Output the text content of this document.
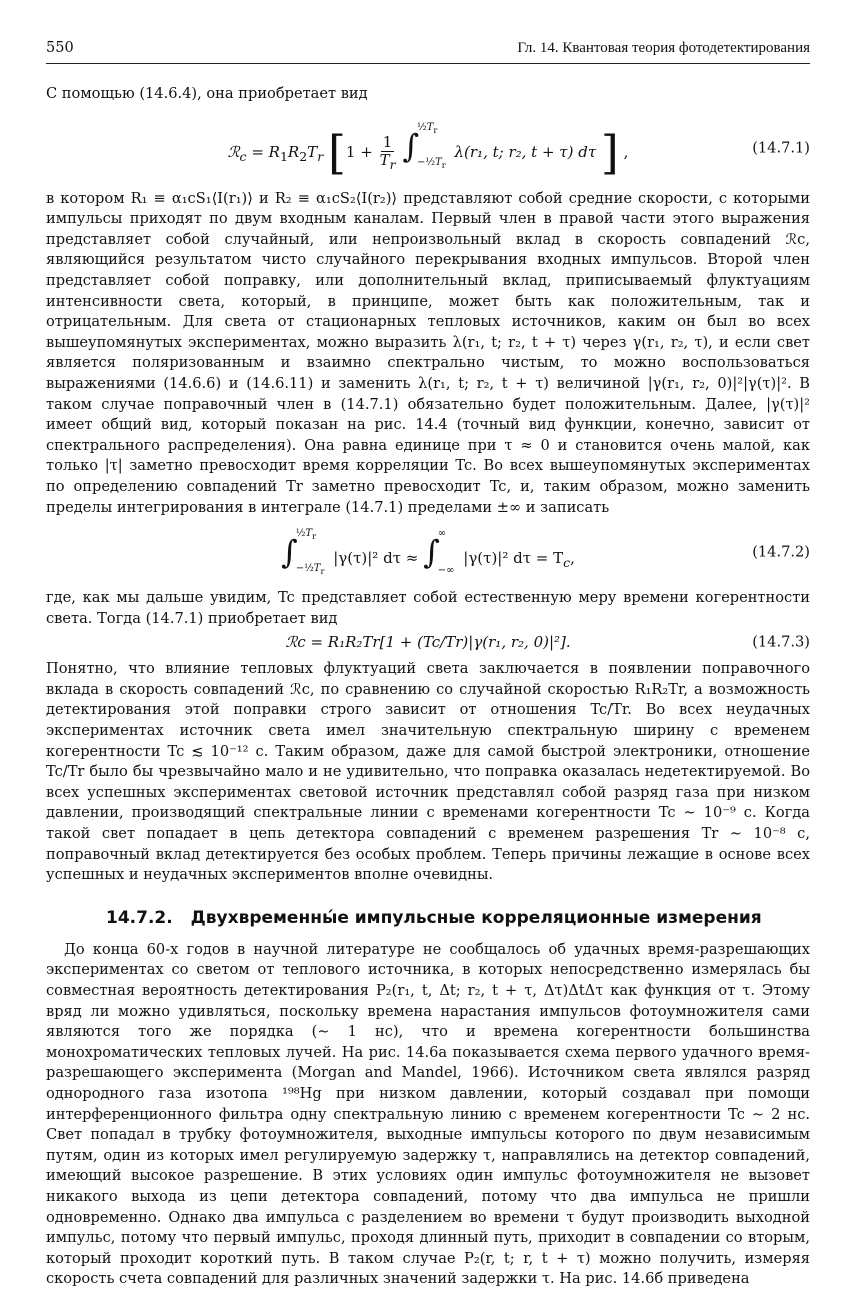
550	Гл. 14. Квантовая теория фотодетектирования

С помощью (14.6.4), она приобретает вид

ℛ$_c$ = $R_1R_2T_r$ [$1 + \frac{1}{T_r}$
∫
$\frac{1}{2}T_r$
$-\frac{1}{2}T_r$
λ(r₁, t; r₂, t + τ) dτ ] ,	(14.7.1)

в котором R₁ ≡ α₁cS₁⟨I(r₁)⟩ и R₂ ≡ α₁cS₂⟨I(r₂)⟩ представляют собой средние скорости, с которыми импульсы приходят по двум входным каналам. Первый член в правой части этого выражения представляет собой случайный, или непроизвольный вклад в скорость совпадений ℛc, являющийся результатом чисто случайного перекрывания входных импульсов. Второй член представляет собой поправку, или дополнительный вклад, приписываемый флуктуациям интенсивности света, который, в принципе, может быть как положительным, так и отрицательным. Для света от стационарных тепловых источников, каким он был во всех вышеупомянутых экспериментах, можно выразить λ(r₁, t; r₂, t + τ) через γ(r₁, r₂, τ), и если свет является поляризованным и взаимно спектрально чистым, то можно воспользоваться выражениями (14.6.6) и (14.6.11) и заменить λ(r₁, t; r₂, t + τ) величиной |γ(r₁, r₂, 0)|²|γ(τ)|². В таком случае поправочный член в (14.7.1) обязательно будет положительным. Далее, |γ(τ)|² имеет общий вид, который показан на рис. 14.4 (точный вид функции, конечно, зависит от спектрального распределения). Она равна единице при τ ≈ 0 и становится очень малой, как только |τ| заметно превосходит время корреляции Tc. Во всех вышеупомянутых экспериментах по определению совпадений Tr заметно превосходит Tc, и, таким образом, можно заменить пределы интегрирования в интеграле (14.7.1) пределами ±∞ и записать

∫
$\frac{1}{2}T_r$
$-\frac{1}{2}T_r$
|γ(τ)|² dτ ≈ ∫
∞
−∞
|γ(τ)|² $d\tau = T_c$,	(14.7.2)

где, как мы дальше увидим, Tc представляет собой естественную меру времени когерентности света. Тогда (14.7.1) приобретает вид

ℛc = R₁R₂Tr[1 + (Tc/Tr)|γ(r₁, r₂, 0)|²].	(14.7.3)

Понятно, что влияние тепловых флуктуаций света заключается в появлении поправочного вклада в скорость совпадений ℛc, по сравнению со случайной скоростью R₁R₂Tr, а возможность детектирования этой поправки строго зависит от отношения Tc/Tr. Во всех неудачных экспериментах источник света имел значительную спектральную ширину с временем когерентности Tc ≲ 10⁻¹² с. Таким образом, даже для самой быстрой электроники, отношение Tc/Tr было бы чрезвычайно мало и не удивительно, что поправка оказалась недетектируемой. Во всех успешных экспериментах световой источник представлял собой разряд газа при низком давлении, производящий спектральные линии с временами когерентности Tc ∼ 10⁻⁹ с. Когда такой свет попадает в цепь детектора совпадений с временем разрешения Tr ∼ 10⁻⁸ с, поправочный вклад детектируется без особых проблем. Теперь причины лежащие в основе всех успешных и неудачных экспериментов вполне очевидны.

14.7.2. Двухвременны́е импульсные корреляционные измерения

До конца 60-х годов в научной литературе не сообщалось об удачных время-разрешающих экспериментах со светом от теплового источника, в которых непосредственно измерялась бы совместная вероятность детектирования P₂(r₁, t, Δt; r₂, t + τ, Δτ)ΔtΔτ как функция от τ. Этому вряд ли можно удивляться, поскольку времена нарастания импульсов фотоумножителя сами являются того же порядка (∼ 1 нс), что и времена когерентности большинства монохроматических тепловых лучей. На рис. 14.6а показывается схема первого удачного время-разрешающего эксперимента (Morgan and Mandel, 1966). Источником света являлся разряд однородного газа изотопа ¹⁹⁸Hg при низком давлении, который создавал при помощи интерференционного фильтра одну спектральную линию с временем когерентности Tc ∼ 2 нс. Свет попадал в трубку фотоумножителя, выходные импульсы которого по двум независимым путям, один из которых имел регулируемую задержку τ, направлялись на детектор совпадений, имеющий высокое разрешение. В этих условиях один импульс фотоумножителя не вызовет никакого выхода из цепи детектора совпадений, потому что два импульса не пришли одновременно. Однако два импульса с разделением во времени τ будут производить выходной импульс, потому что первый импульс, проходя длинный путь, приходит в совпадении со вторым, который проходит короткий путь. В таком случае P₂(r, t; r, t + τ) можно получить, измеряя скорость счета совпадений для различных значений задержки τ. На рис. 14.6б приведена
